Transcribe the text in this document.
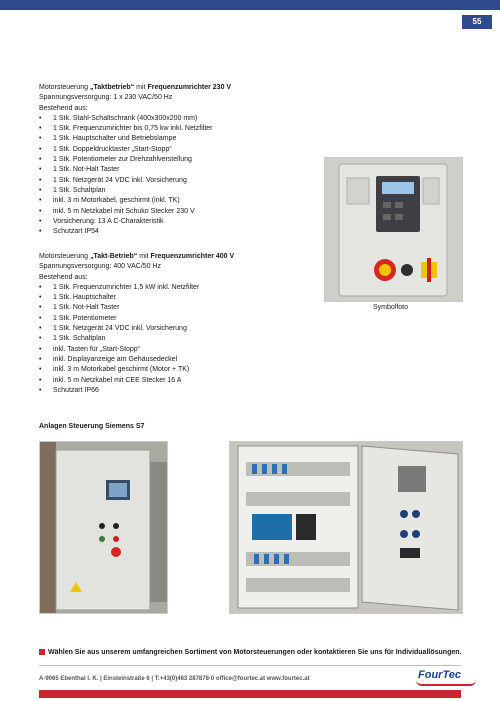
55
Motorsteuerung „Taktbetrieb“ mit Frequenzumrichter 230 V
Spannungsversorgung: 1 x 230 VAC/50 Hz
Bestehend aus:
• 1 Stk. Stahl-Schaltschrank (400x300x200 mm)
• 1 Stk. Frequenzumrichter bis 0,75 kw inkl. Netzfilter
• 1 Stk. Hauptschalter und Betriebslampe
• 1 Stk. Doppeldrucktaster „Start-Stopp“
• 1 Stk. Potentiometer zur Drehzahlverstellung
• 1 Stk. Not-Halt Taster
• 1 Stk. Netzgerät 24 VDC inkl. Vorsicherung
• 1 Stk. Schaltplan
• inkl. 3 m Motorkabel, geschirmt (inkl. TK)
• inkl. 5 m Netzkabel mit Schuko Stecker 230 V
• Vorsicherung: 13 A C-Charakteristik
• Schutzart IP54
Motorsteuerung „Takt-Betrieb“ mit Frequenzumrichter 400 V
Spannungsversorgung: 400 VAC/50 Hz
Bestehend aus:
• 1 Stk. Frequenzumrichter 1,5 kW inkl. Netzfilter
• 1 Stk. Hauptschalter
• 1 Stk. Not-Halt Taster
• 1 Stk. Potentiometer
• 1 Stk. Netzgerät 24 VDC inkl. Vorsicherung
• 1 Stk. Schaltplan
• inkl. Tasten für „Start-Stopp“
• inkl. Displayanzeige am Gehäusedeckel
• inkl. 3 m Motorkabel geschirmt (Motor + TK)
• inkl. 5 m Netzkabel mit CEE Stecker 16 A
• Schutzart IP66
Symbolfoto
Anlagen Steuerung Siemens S7
Wählen Sie aus unserem umfangreichen Sortiment von Motorsteuerungen oder kontaktieren Sie uns für Individuallösungen.
A-9065 Ebenthal i. K. | Einsteinstraße 6 | T:+43(0)463 287878-0 office@fourtec.at www.fourtec.at	FourTec
